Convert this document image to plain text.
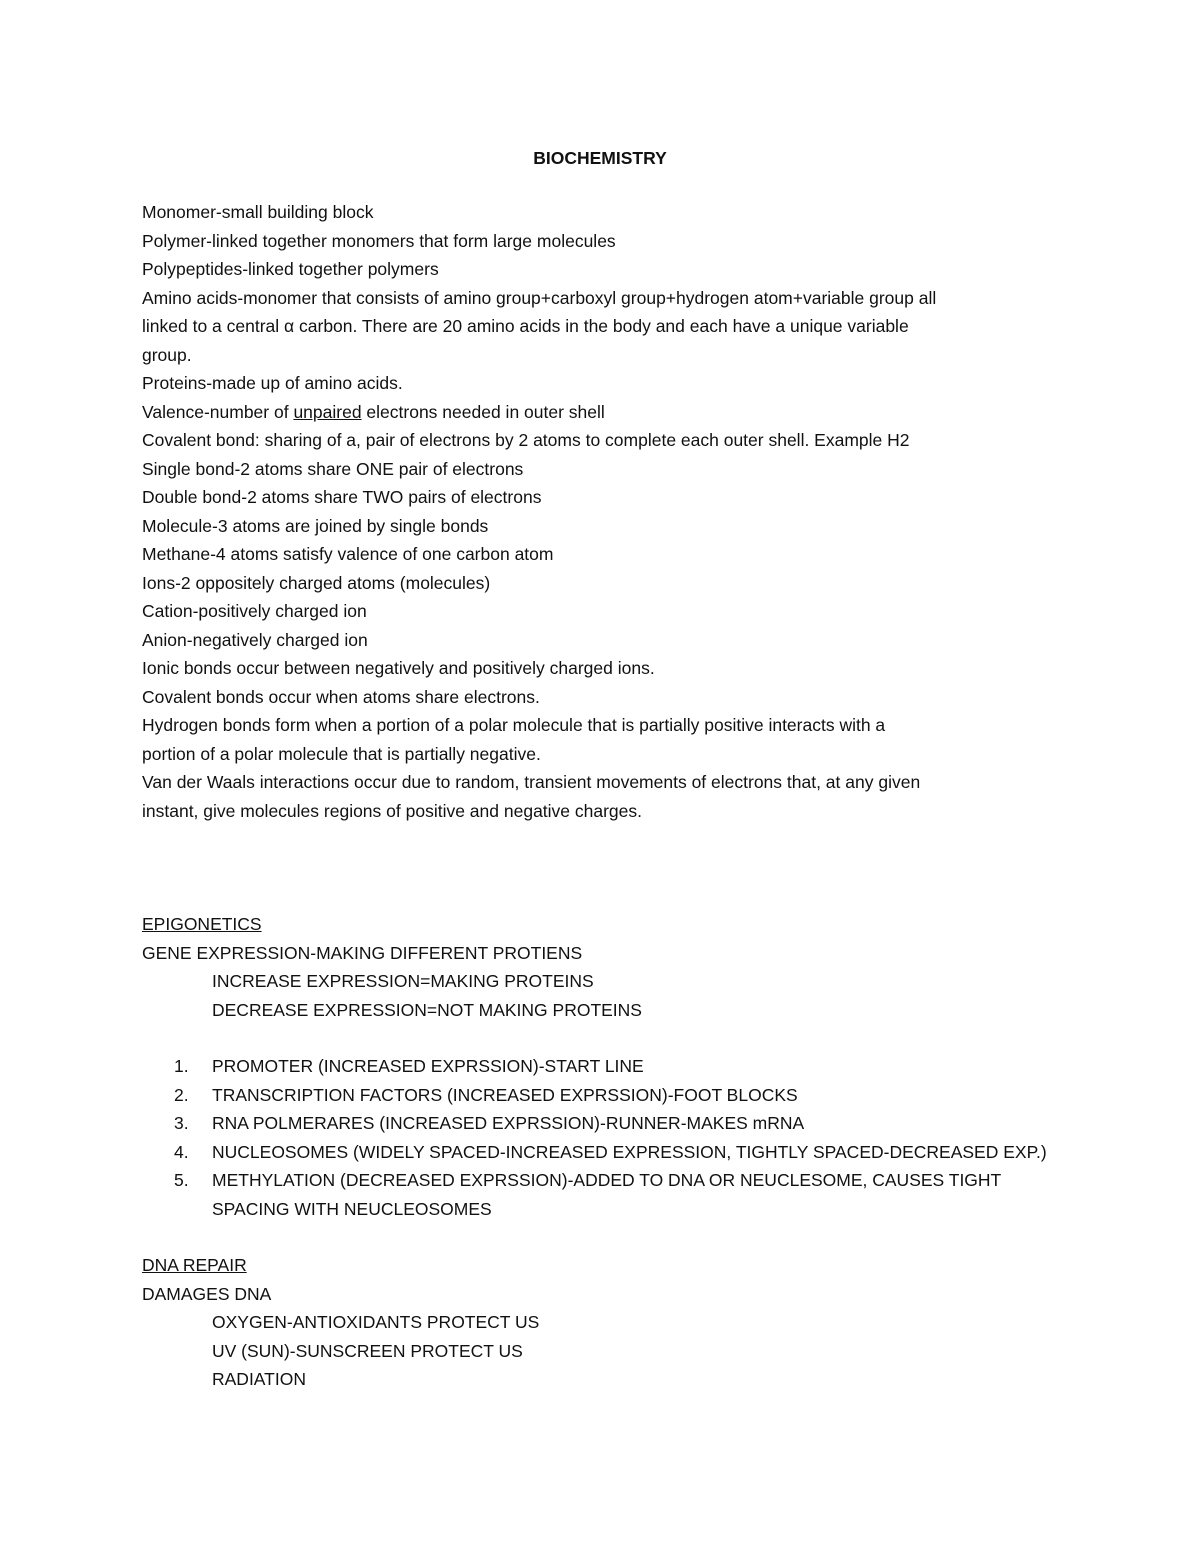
BIOCHEMISTRY

Monomer-small building block

Polymer-linked together monomers that form large molecules

Polypeptides-linked together polymers

Amino acids-monomer that consists of amino group+carboxyl group+hydrogen atom+variable group all

linked to a central α carbon. There are 20 amino acids in the body and each have a unique variable

group.

Proteins-made up of amino acids.

Valence-number of unpaired electrons needed in outer shell

Covalent bond: sharing of a, pair of electrons by 2 atoms to complete each outer shell. Example H2

Single bond-2 atoms share ONE pair of electrons

Double bond-2 atoms share TWO pairs of electrons

Molecule-3 atoms are joined by single bonds

Methane-4 atoms satisfy valence of one carbon atom

Ions-2 oppositely charged atoms (molecules)

Cation-positively charged ion

Anion-negatively charged ion

Ionic bonds occur between negatively and positively charged ions.

Covalent bonds occur when atoms share electrons.

Hydrogen bonds form when a portion of a polar molecule that is partially positive interacts with a

portion of a polar molecule that is partially negative.

Van der Waals interactions occur due to random, transient movements of electrons that, at any given

instant, give molecules regions of positive and negative charges.

EPIGONETICS

GENE EXPRESSION-MAKING DIFFERENT PROTIENS

INCREASE EXPRESSION=MAKING PROTEINS

DECREASE EXPRESSION=NOT MAKING PROTEINS

1. PROMOTER (INCREASED EXPRSSION)-START LINE
2. TRANSCRIPTION FACTORS (INCREASED EXPRSSION)-FOOT BLOCKS
3. RNA POLMERARES (INCREASED EXPRSSION)-RUNNER-MAKES mRNA
4. NUCLEOSOMES (WIDELY SPACED-INCREASED EXPRESSION, TIGHTLY SPACED-DECREASED EXP.)
5. METHYLATION (DECREASED EXPRSSION)-ADDED TO DNA OR NEUCLESOME, CAUSES TIGHT
SPACING WITH NEUCLEOSOMES

DNA REPAIR

DAMAGES DNA

OXYGEN-ANTIOXIDANTS PROTECT US

UV (SUN)-SUNSCREEN PROTECT US

RADIATION
